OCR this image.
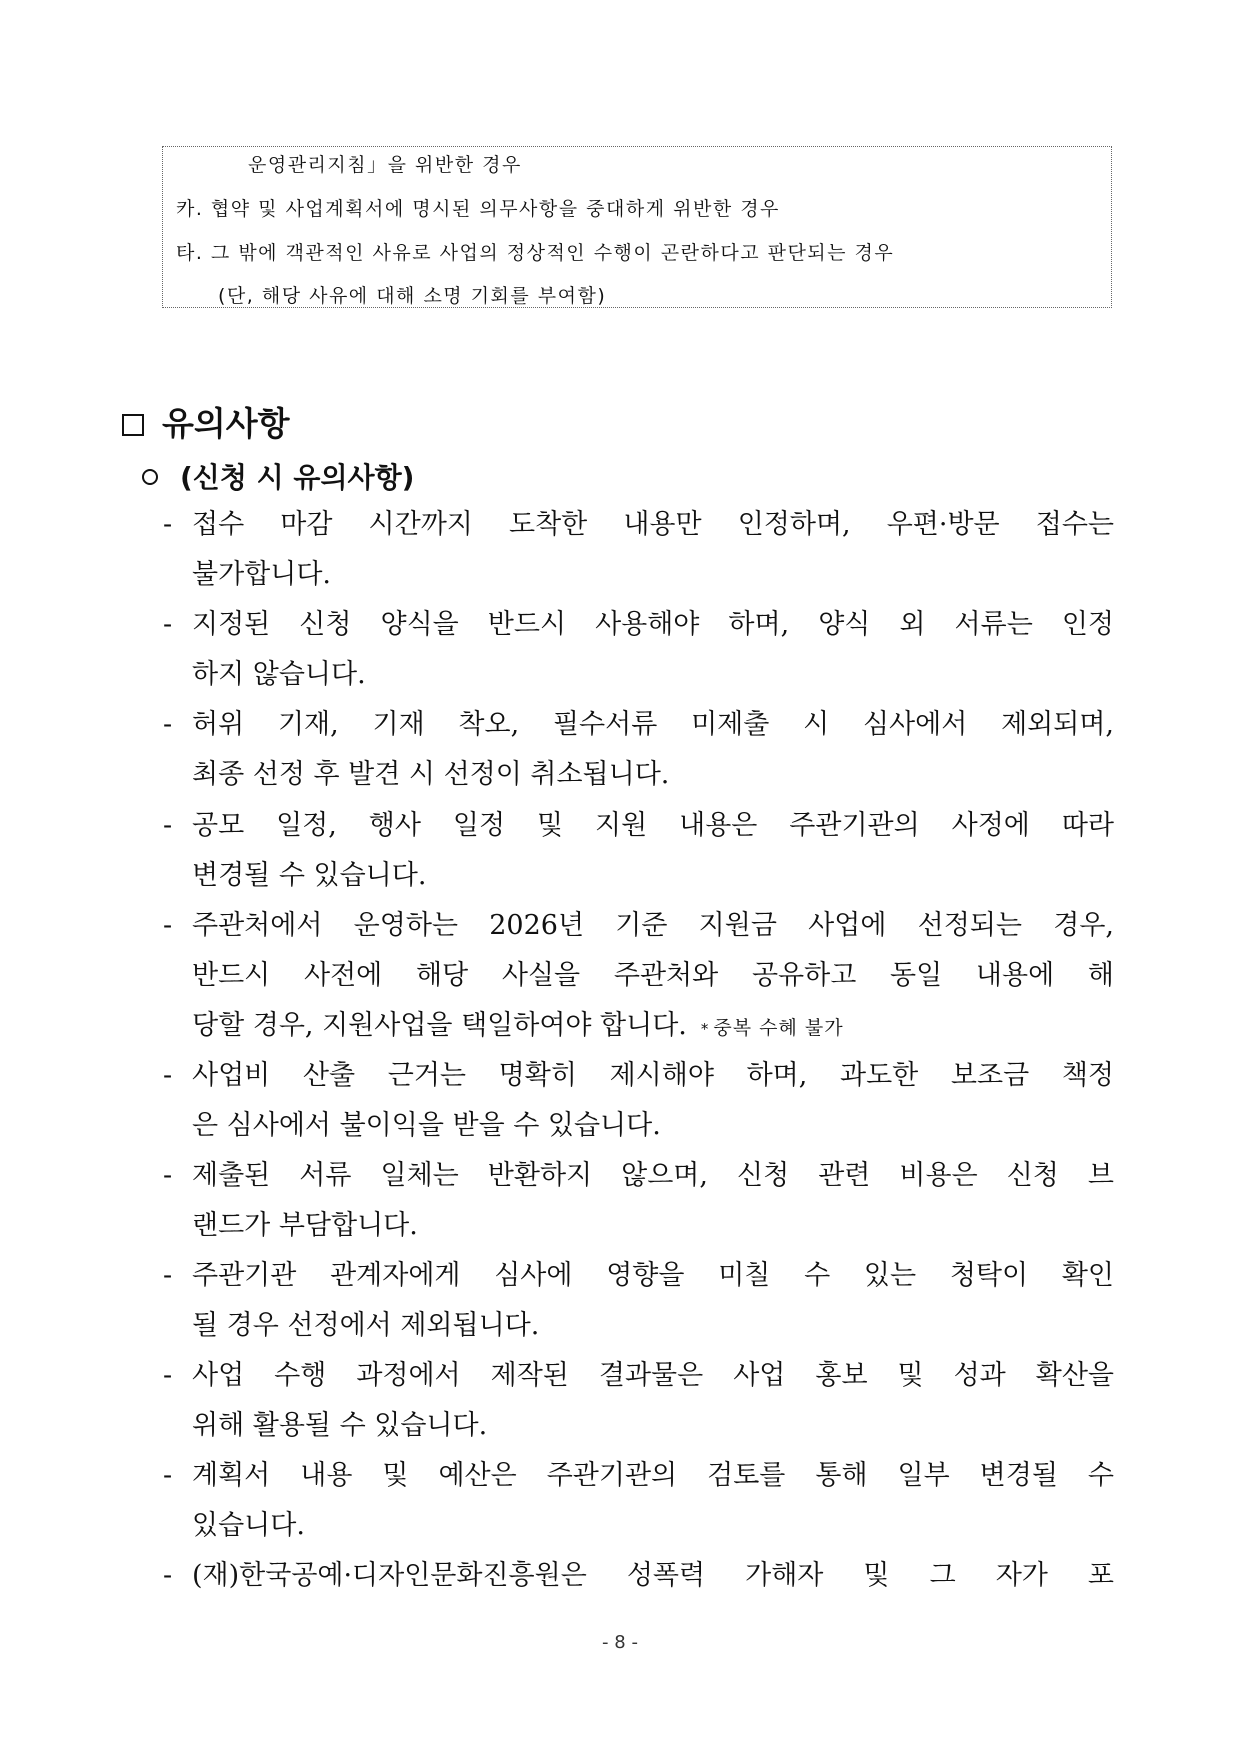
운영관리지침」을 위반한 경우
카. 협약 및 사업계획서에 명시된 의무사항을 중대하게 위반한 경우
타. 그 밖에 객관적인 사유로 사업의 정상적인 수행이 곤란하다고 판단되는 경우
(단, 해당 사유에 대해 소명 기회를 부여함)
유의사항
(신청 시 유의사항)
- 접수 마감 시간까지 도착한 내용만 인정하며, 우편·방문 접수는
불가합니다.
- 지정된 신청 양식을 반드시 사용해야 하며, 양식 외 서류는 인정
하지 않습니다.
- 허위 기재, 기재 착오, 필수서류 미제출 시 심사에서 제외되며,
최종 선정 후 발견 시 선정이 취소됩니다.
- 공모 일정, 행사 일정 및 지원 내용은 주관기관의 사정에 따라
변경될 수 있습니다.
- 주관처에서 운영하는 2026년 기준 지원금 사업에 선정되는 경우,
반드시 사전에 해당 사실을 주관처와 공유하고 동일 내용에 해
당할 경우, 지원사업을 택일하여야 합니다. * 중복 수혜 불가
- 사업비 산출 근거는 명확히 제시해야 하며, 과도한 보조금 책정
은 심사에서 불이익을 받을 수 있습니다.
- 제출된 서류 일체는 반환하지 않으며, 신청 관련 비용은 신청 브
랜드가 부담합니다.
- 주관기관 관계자에게 심사에 영향을 미칠 수 있는 청탁이 확인
될 경우 선정에서 제외됩니다.
- 사업 수행 과정에서 제작된 결과물은 사업 홍보 및 성과 확산을
위해 활용될 수 있습니다.
- 계획서 내용 및 예산은 주관기관의 검토를 통해 일부 변경될 수
있습니다.
- (재)한국공예·디자인문화진흥원은 성폭력 가해자 및 그 자가 포
- 8 -
